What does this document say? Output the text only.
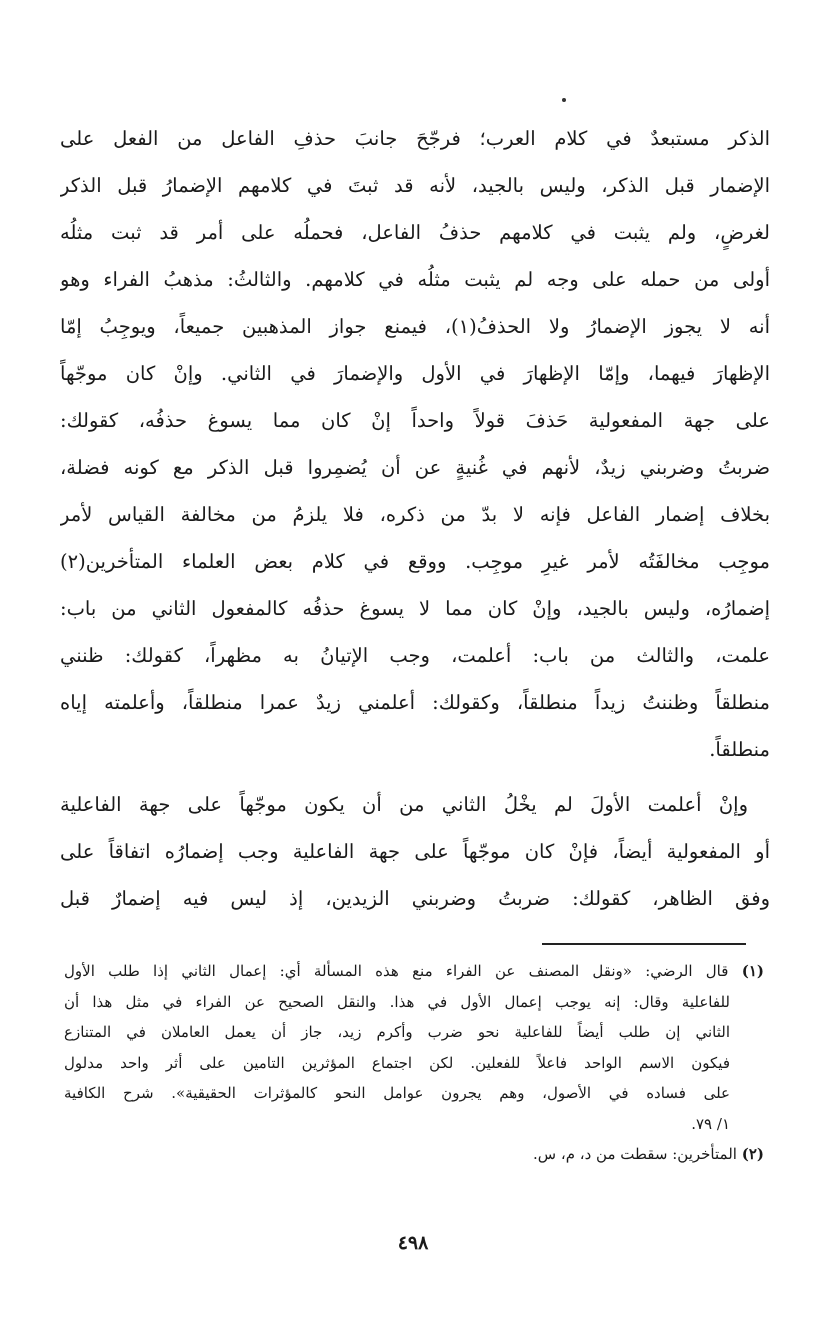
الذكر مستبعدٌ في كلام العرب؛ فرجّحَ جانبَ حذفِ الفاعل من الفعل على
الإضمار قبل الذكر، وليس بالجيد، لأنه قد ثبتَ في كلامهم الإضمارُ قبل الذكر
لغرضٍ، ولم يثبت في كلامهم حذفُ الفاعل، فحملُه على أمر قد ثبت مثلُه
أولى من حمله على وجه لم يثبت مثلُه في كلامهم. والثالثُ: مذهبُ الفراء وهو
أنه لا يجوز الإضمارُ ولا الحذفُ(١)، فيمنع جواز المذهبين جميعاً، ويوجِبُ إمّا
الإظهارَ فيهما، وإمّا الإظهارَ في الأول والإضمارَ في الثاني. وإنْ كان موجّهاً
على جهة المفعولية حَذفَ قولاً واحداً إنْ كان مما يسوغ حذفُه، كقولك:
ضربتُ وضربني زيدٌ، لأنهم في غُنيةٍ عن أن يُضمِروا قبل الذكر مع كونه فضلة،
بخلاف إضمار الفاعل فإنه لا بدّ من ذكره، فلا يلزمُ من مخالفة القياس لأمر
موجِب مخالفَتُه لأمر غيرِ موجِب. ووقع في كلام بعض العلماء المتأخرين(٢)
إضمارُه، وليس بالجيد، وإنْ كان مما لا يسوغ حذفُه كالمفعول الثاني من باب:
علمت، والثالث من باب: أعلمت، وجب الإتيانُ به مظهراً، كقولك: ظنني
منطلقاً وظننتُ زيداً منطلقاً، وكقولك: أعلمني زيدٌ عمرا منطلقاً، وأعلمته إياه
منطلقاً.
وإنْ أعلمت الأولَ لم يخْلُ الثاني من أن يكون موجّهاً على جهة الفاعلية
أو المفعولية أيضاً، فإنْ كان موجّهاً على جهة الفاعلية وجب إضمارُه اتفاقاً على
وفق الظاهر، كقولك: ضربتُ وضربني الزيدين، إذ ليس فيه إضمارٌ قبل
(١) قال الرضي: «ونقل المصنف عن الفراء منع هذه المسألة أي: إعمال الثاني إذا طلب الأول
للفاعلية وقال: إنه يوجب إعمال الأول في هذا. والنقل الصحيح عن الفراء في مثل هذا أن
الثاني إن طلب أيضاً للفاعلية نحو ضرب وأكرم زيد، جاز أن يعمل العاملان في المتنازع
فيكون الاسم الواحد فاعلاً للفعلين. لكن اجتماع المؤثرين التامين على أثر واحد مدلول
على فساده في الأصول، وهم يجرون عوامل النحو كالمؤثرات الحقيقية». شرح الكافية
١/ ٧٩.
(٢) المتأخرين: سقطت من د، م، س.
٤٩٨
